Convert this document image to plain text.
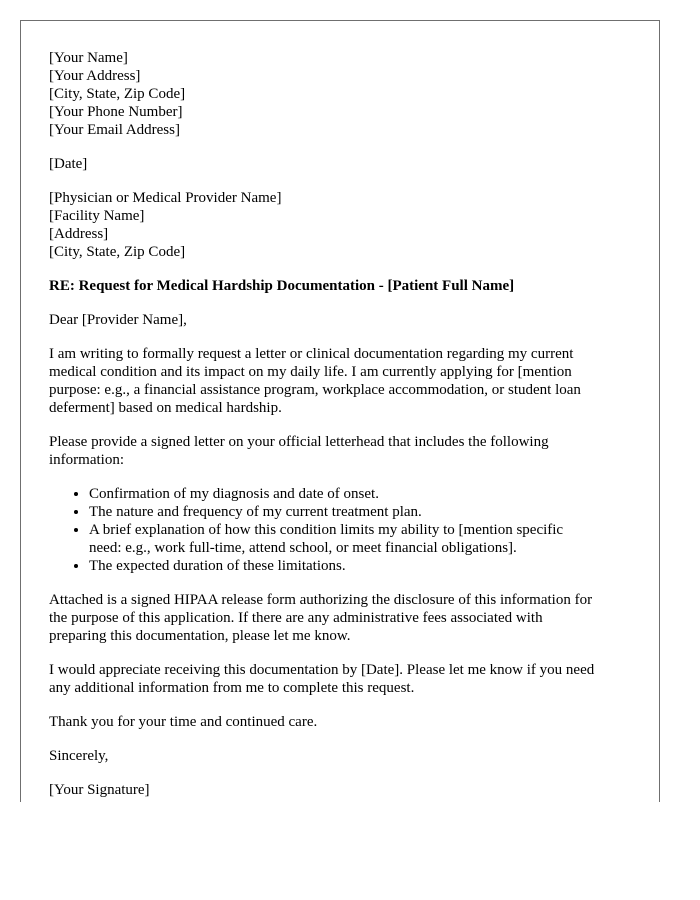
[Your Name]
[Your Address]
[City, State, Zip Code]
[Your Phone Number]
[Your Email Address]
[Date]
[Physician or Medical Provider Name]
[Facility Name]
[Address]
[City, State, Zip Code]
RE: Request for Medical Hardship Documentation - [Patient Full Name]
Dear [Provider Name],
I am writing to formally request a letter or clinical documentation regarding my current
medical condition and its impact on my daily life. I am currently applying for [mention
purpose: e.g., a financial assistance program, workplace accommodation, or student loan
deferment] based on medical hardship.
Please provide a signed letter on your official letterhead that includes the following
information:
• Confirmation of my diagnosis and date of onset.
• The nature and frequency of my current treatment plan.
• A brief explanation of how this condition limits my ability to [mention specific
need: e.g., work full-time, attend school, or meet financial obligations].
• The expected duration of these limitations.
Attached is a signed HIPAA release form authorizing the disclosure of this information for
the purpose of this application. If there are any administrative fees associated with
preparing this documentation, please let me know.
I would appreciate receiving this documentation by [Date]. Please let me know if you need
any additional information from me to complete this request.
Thank you for your time and continued care.
Sincerely,
[Your Signature]
